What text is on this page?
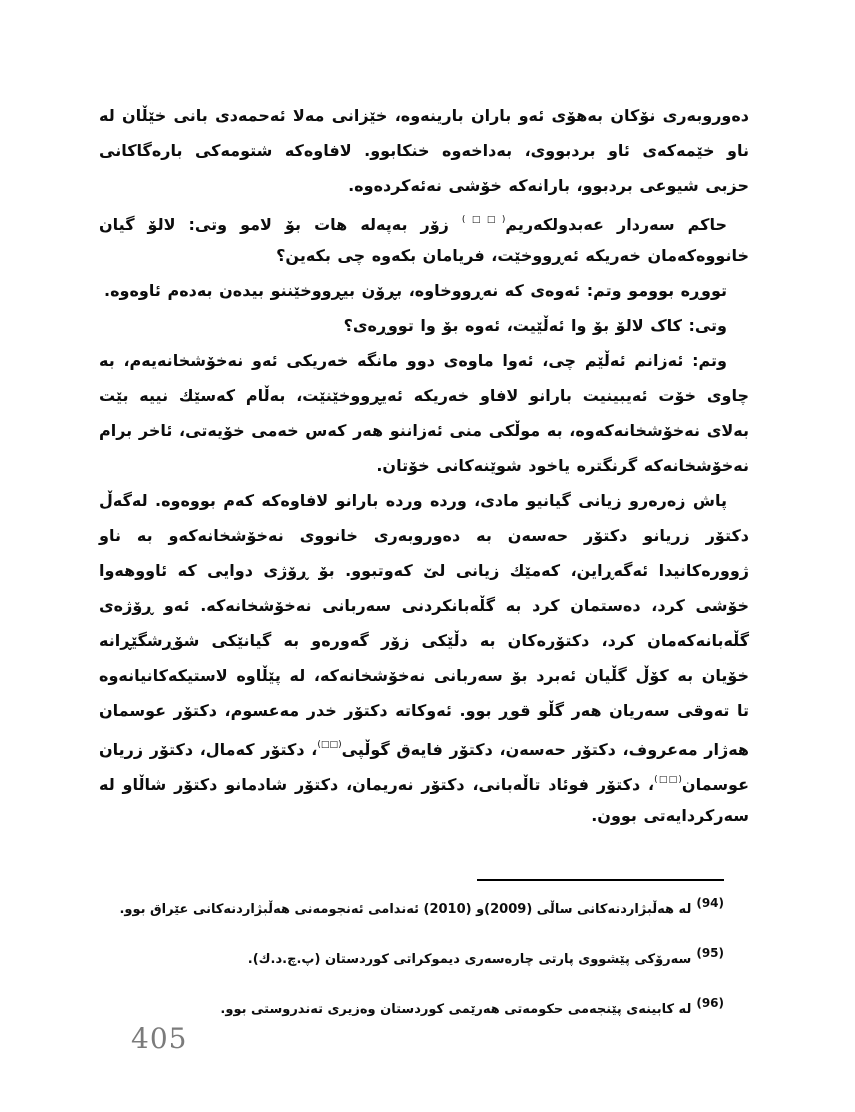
دەوروبەری نۆکان بەهۆی ئەو باران بارینەوە، خێزانی مەلا ئەحمەدی بانی خێڵان لە
ناو خێمەکەی ئاو بردبووی، بەداخەوە خنکابوو. لافاوەکە شتومەکی بارەگاکانی
حزبی شیوعی بردبوو، بارانەکە خۆشی نەئەکردەوە.
حاکم سەردار عەبدولکەریم(□□) زۆر بەپەلە هات بۆ لامو وتی: لالۆ گیان
خانووەکەمان خەریکە ئەڕووخێت، فریامان بکەوە چی بکەین؟
تووڕە بوومو وتم: ئەوەی کە نەڕووخاوە، بڕۆن بیڕووخێننو بیدەن بەدەم ئاوەوە.
وتی: کاک لالۆ بۆ وا ئەڵێیت، ئەوە بۆ وا تووڕەی؟
وتم: ئەزانم ئەڵێم چی، ئەوا ماوەی دوو مانگە خەریکی ئەو نەخۆشخانەیەم، بە
چاوی خۆت ئەیبینیت بارانو لافاو خەریکە ئەیڕووخێنێت، بەڵام کەسێك نییە بێت
بەلای نەخۆشخانەکەوە، بە موڵکی منی ئەزاننو هەر کەس خەمی خۆیەتی، ئاخر برام
نەخۆشخانەکە گرنگترە یاخود شوێنەکانی خۆتان.
پاش زەرەرو زیانی گیانیو مادی، وردە وردە بارانو لافاوەکە کەم بووەوە. لەگەڵ
دکتۆر زریانو دکتۆر حەسەن بە دەوروبەری خانووی نەخۆشخانەکەو بە ناو
ژوورەکانیدا ئەگەڕاین، کەمێك زیانی لێ کەوتبوو. بۆ ڕۆژی دوایی کە ئاووهەوا
خۆشی کرد، دەستمان کرد بە گڵەبانکردنی سەربانی نەخۆشخانەکە. ئەو ڕۆژەی
گڵەبانەکەمان کرد، دکتۆرەکان بە دڵێکی زۆر گەورەو بە گیانێکی شۆڕشگێڕانە
خۆیان بە کۆڵ گڵیان ئەبرد بۆ سەربانی نەخۆشخانەکە، لە پێڵاوە لاستیکەکانیانەوە
تا تەوقی سەریان هەر گڵو قوڕ بوو. ئەوکاتە دکتۆر خدر مەعسوم، دکتۆر عوسمان
هەژار مەعروف، دکتۆر حەسەن، دکتۆر فایەق گوڵپی(□□)، دکتۆر کەمال، دکتۆر زریان
عوسمان(□□)، دکتۆر فوئاد تاڵەبانی، دکتۆر نەریمان، دکتۆر شادمانو دکتۆر شاڵاو لە
سەرکردایەتی بوون.
$^{(94)}$لە هەڵبژاردنەکانی ساڵی (2009)و (2010) ئەندامی ئەنجومەنی هەڵبژاردنەکانی عێراق بوو.
$^{(95)}$سەرۆکی پێشووی پارتی چارەسەری دیموکراتی کوردستان (پ.چ.د.ك).
$^{(96)}$لە کابینەی پێنجەمی حکومەتی هەرێمی کوردستان وەزیری تەندروستی بوو.
405
